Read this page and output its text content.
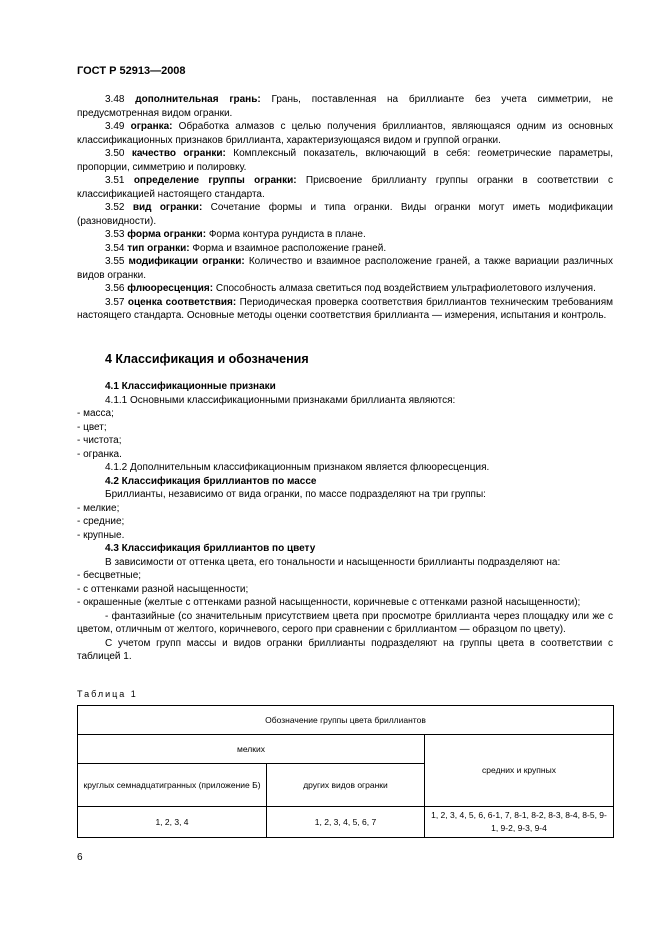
ГОСТ Р 52913—2008
3.48 дополнительная грань: Грань, поставленная на бриллианте без учета симметрии, не предусмотренная видом огранки.
3.49 огранка: Обработка алмазов с целью получения бриллиантов, являющаяся одним из основных классификационных признаков бриллианта, характеризующаяся видом и группой огранки.
3.50 качество огранки: Комплексный показатель, включающий в себя: геометрические параметры, пропорции, симметрию и полировку.
3.51 определение группы огранки: Присвоение бриллианту группы огранки в соответствии с классификацией настоящего стандарта.
3.52 вид огранки: Сочетание формы и типа огранки. Виды огранки могут иметь модификации (разновидности).
3.53 форма огранки: Форма контура рундиста в плане.
3.54 тип огранки: Форма и взаимное расположение граней.
3.55 модификации огранки: Количество и взаимное расположение граней, а также вариации различных видов огранки.
3.56 флюоресценция: Способность алмаза светиться под воздействием ультрафиолетового излучения.
3.57 оценка соответствия: Периодическая проверка соответствия бриллиантов техническим требованиям настоящего стандарта. Основные методы оценки соответствия бриллианта — измерения, испытания и контроль.
4 Классификация и обозначения
4.1 Классификационные признаки
4.1.1 Основными классификационными признаками бриллианта являются:
- масса;
- цвет;
- чистота;
- огранка.
4.1.2 Дополнительным классификационным признаком является флюоресценция.
4.2 Классификация бриллиантов по массе
Бриллианты, независимо от вида огранки, по массе подразделяют на три группы:
- мелкие;
- средние;
- крупные.
4.3 Классификация бриллиантов по цвету
В зависимости от оттенка цвета, его тональности и насыщенности бриллианты подразделяют на:
- бесцветные;
- с оттенками разной насыщенности;
- окрашенные (желтые с оттенками разной насыщенности, коричневые с оттенками разной насыщенности);
- фантазийные (со значительным присутствием цвета при просмотре бриллианта через площадку или же с цветом, отличным от желтого, коричневого, серого при сравнении с бриллиантом — образцом по цвету).
С учетом групп массы и видов огранки бриллианты подразделяют на группы цвета в соответствии с таблицей 1.
Таблица 1
Обозначение группы цвета бриллиантов		
мелких		средних и крупных
круглых семнадцатигранных (приложение Б)	других видов огранки	
1, 2, 3, 4	1, 2, 3, 4, 5, 6, 7	1, 2, 3, 4, 5, 6, 6-1, 7, 8-1, 8-2, 8-3, 8-4, 8-5, 9-1, 9-2, 9-3, 9-4
6
